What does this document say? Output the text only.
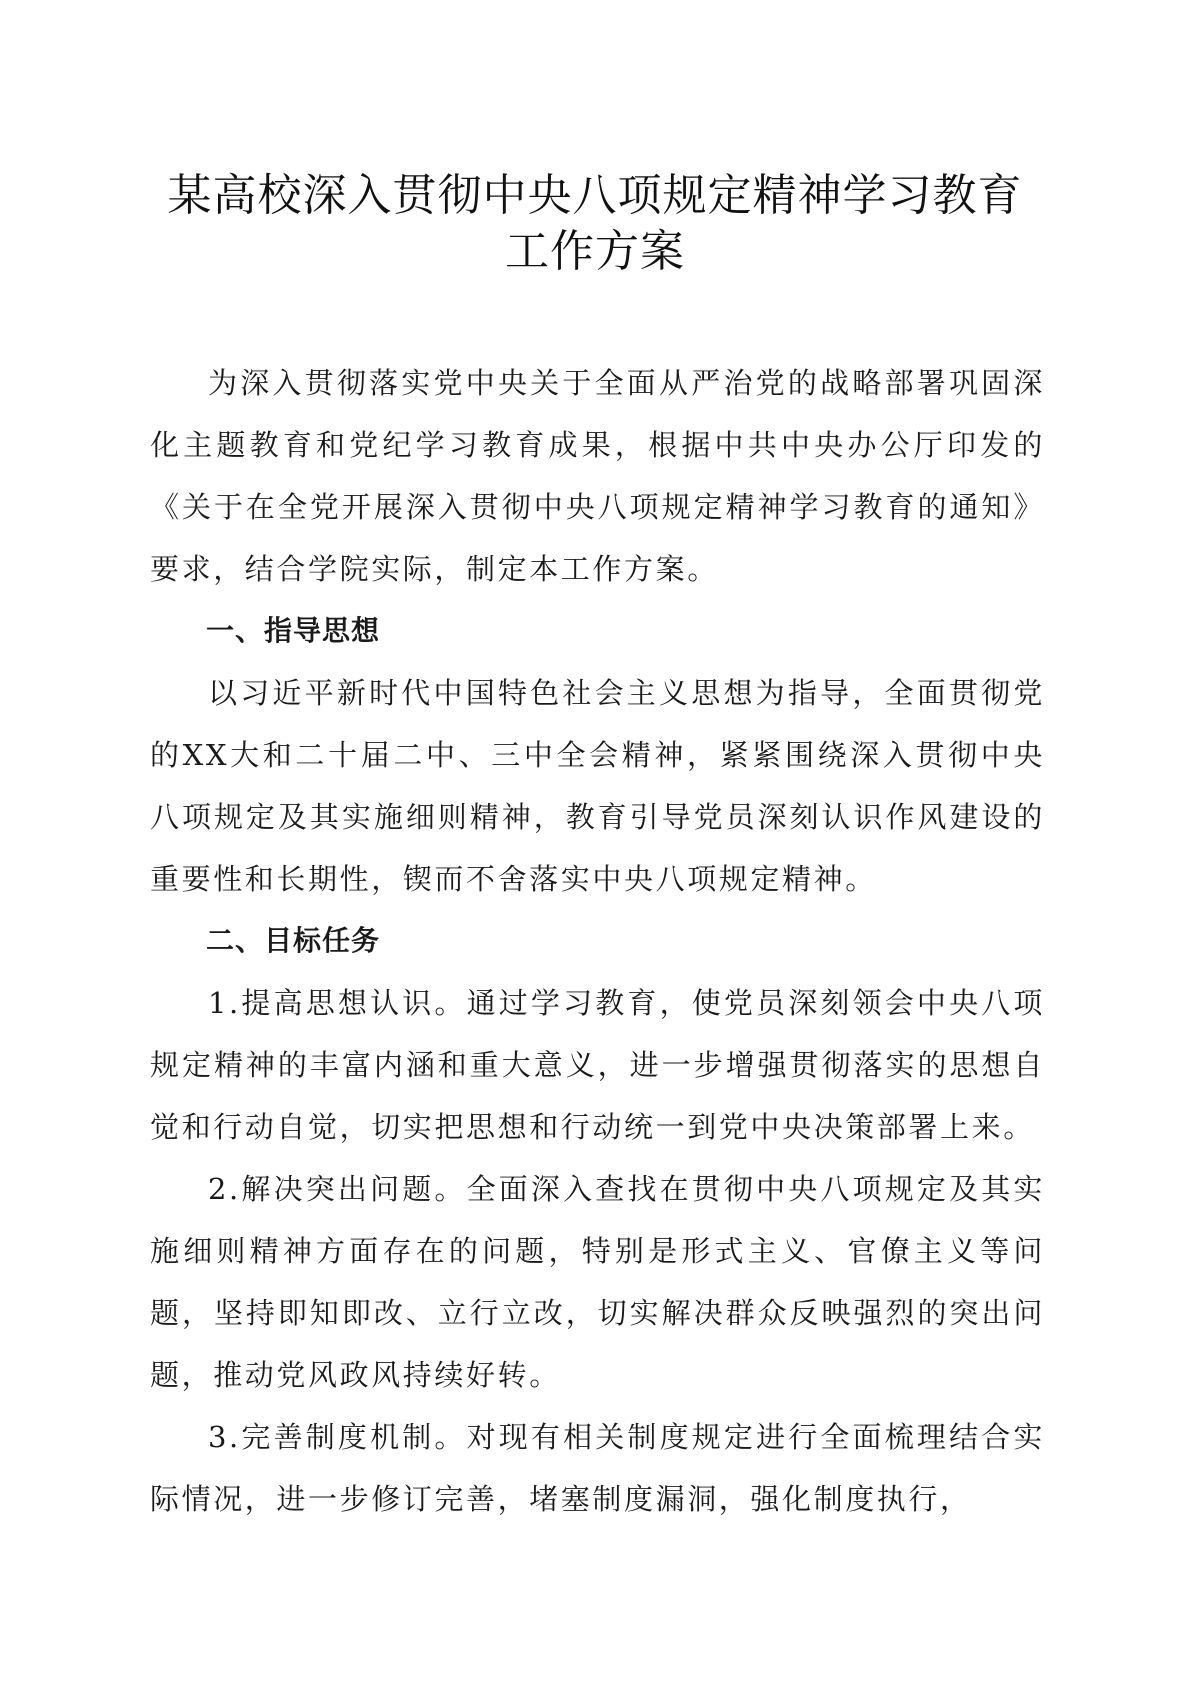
某高校深入贯彻中央八项规定精神学习教育工作方案

为深入贯彻落实党中央关于全面从严治党的战略部署巩固深化主题教育和党纪学习教育成果，根据中共中央办公厅印发的《关于在全党开展深入贯彻中央八项规定精神学习教育的通知》要求，结合学院实际，制定本工作方案。

一、指导思想

以习近平新时代中国特色社会主义思想为指导，全面贯彻党的XX大和二十届二中、三中全会精神，紧紧围绕深入贯彻中央八项规定及其实施细则精神，教育引导党员深刻认识作风建设的重要性和长期性，锲而不舍落实中央八项规定精神。

二、目标任务

1.提高思想认识。通过学习教育，使党员深刻领会中央八项规定精神的丰富内涵和重大意义，进一步增强贯彻落实的思想自觉和行动自觉，切实把思想和行动统一到党中央决策部署上来。

2.解决突出问题。全面深入查找在贯彻中央八项规定及其实施细则精神方面存在的问题，特别是形式主义、官僚主义等问题，坚持即知即改、立行立改，切实解决群众反映强烈的突出问题，推动党风政风持续好转。

3.完善制度机制。对现有相关制度规定进行全面梳理结合实际情况，进一步修订完善，堵塞制度漏洞，强化制度执行，
